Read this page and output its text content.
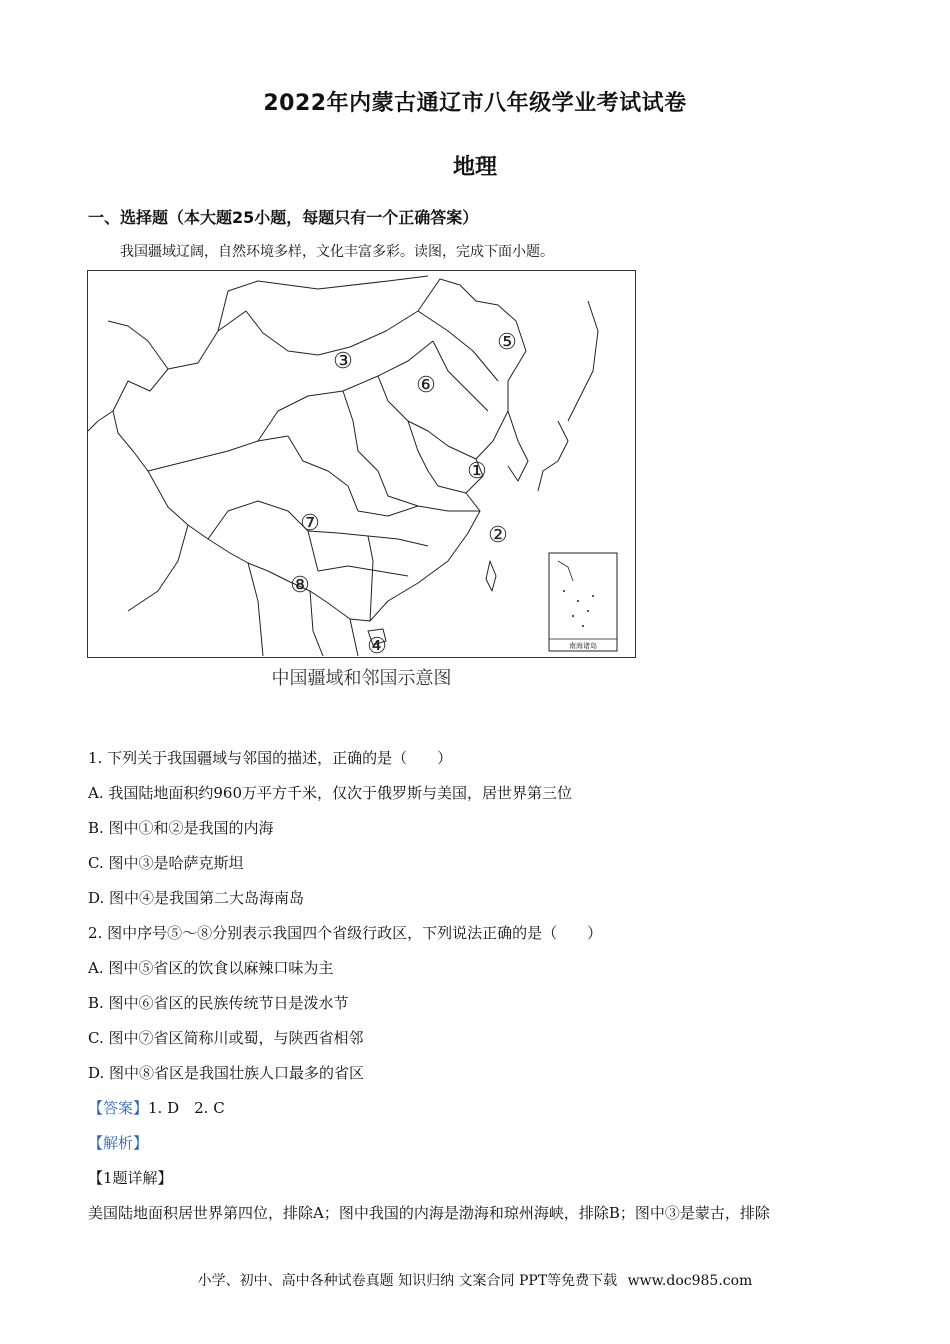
2022年内蒙古通辽市八年级学业考试试卷
地理
一、选择题（本大题25小题，每题只有一个正确答案）
我国疆域辽阔，自然环境多样，文化丰富多彩。读图，完成下面小题。
①
②
③
④
⑤
⑥
⑦
⑧
南海诸岛
中国疆域和邻国示意图
1. 下列关于我国疆域与邻国的描述，正确的是（　　）
A. 我国陆地面积约960万平方千米，仅次于俄罗斯与美国，居世界第三位
B. 图中①和②是我国的内海
C. 图中③是哈萨克斯坦
D. 图中④是我国第二大岛海南岛
2. 图中序号⑤～⑧分别表示我国四个省级行政区，下列说法正确的是（　　）
A. 图中⑤省区的饮食以麻辣口味为主
B. 图中⑥省区的民族传统节日是泼水节
C. 图中⑦省区简称川或蜀，与陕西省相邻
D. 图中⑧省区是我国壮族人口最多的省区
【答案】1. D　2. C
【解析】
【1题详解】
美国陆地面积居世界第四位，排除A；图中我国的内海是渤海和琼州海峡，排除B；图中③是蒙古，排除
小学、初中、高中各种试卷真题 知识归纳 文案合同 PPT等免费下载 www.doc985.com
